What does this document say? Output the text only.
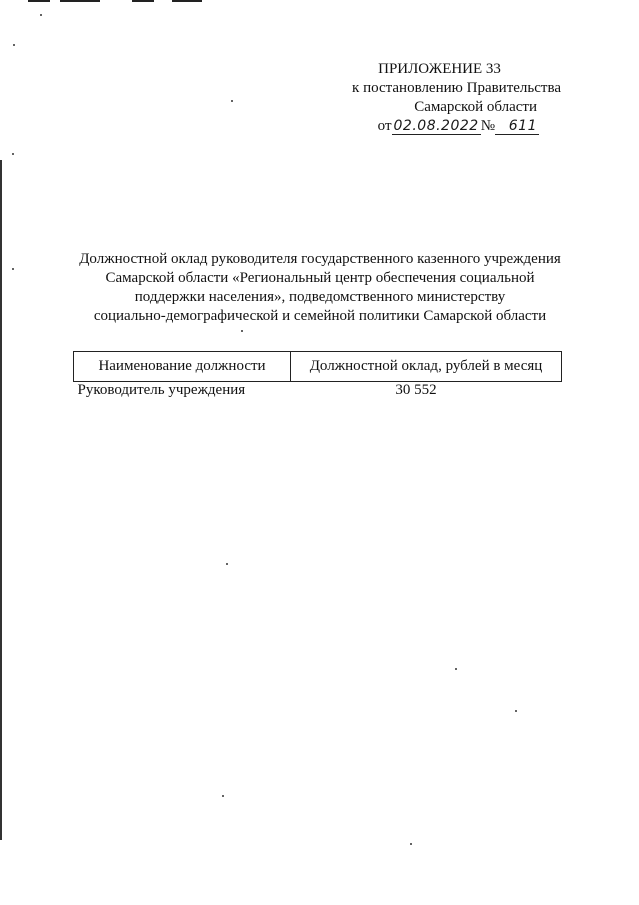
ПРИЛОЖЕНИЕ 33
к постановлению Правительства
Самарской области
от 02.08.2022 № 611
Должностной оклад руководителя государственного казенного учреждения
Самарской области «Региональный центр обеспечения социальной
поддержки населения», подведомственного министерству
социально-демографической и семейной политики Самарской области
Наименование должности	Должностной оклад, рублей в месяц
Руководитель учреждения	30 552
